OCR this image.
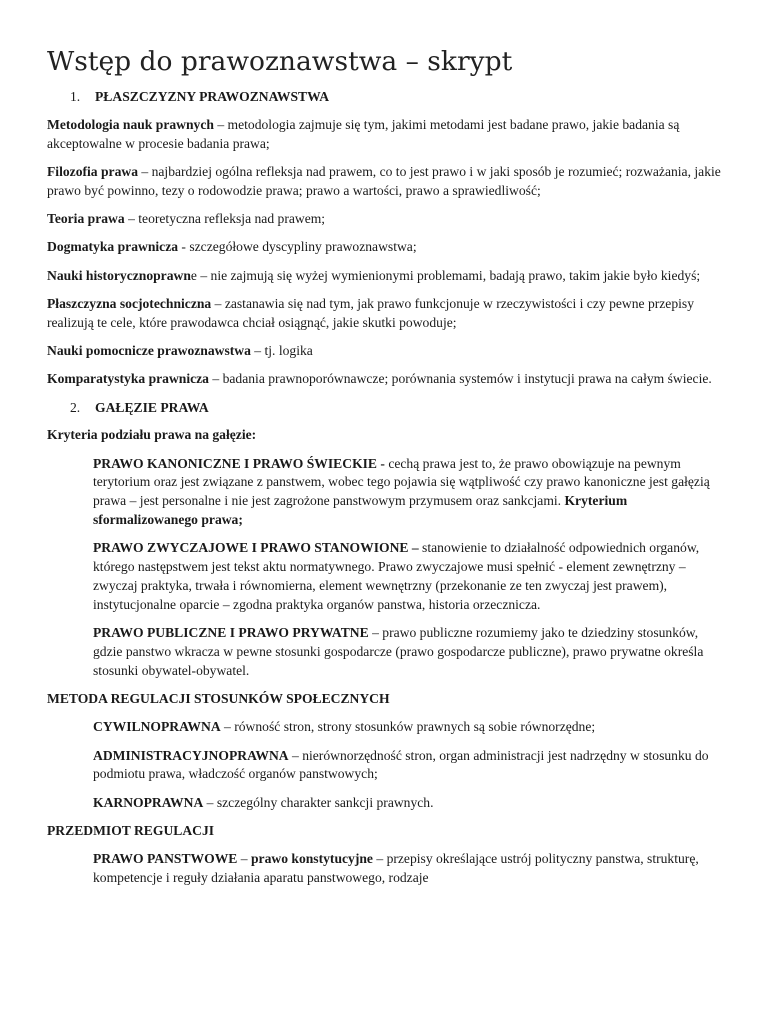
Wstęp do prawoznawstwa – skrypt
1. PŁASZCZYZNY PRAWOZNAWSTWA

Metodologia nauk prawnych – metodologia zajmuje się tym, jakimi metodami jest badane prawo, jakie badania są akceptowalne w procesie badania prawa;

Filozofia prawa – najbardziej ogólna refleksja nad prawem, co to jest prawo i w jaki sposób je rozumieć; rozważania, jakie prawo być powinno, tezy o rodowodzie prawa; prawo a wartości, prawo a sprawiedliwość;

Teoria prawa – teoretyczna refleksja nad prawem;

Dogmatyka prawnicza - szczegółowe dyscypliny prawoznawstwa;

Nauki historycznoprawne – nie zajmują się wyżej wymienionymi problemami, badają prawo, takim jakie było kiedyś;

Płaszczyzna socjotechniczna – zastanawia się nad tym, jak prawo funkcjonuje w rzeczywistości i czy pewne przepisy realizują te cele, które prawodawca chciał osiągnąć, jakie skutki powoduje;

Nauki pomocnicze prawoznawstwa – tj. logika

Komparatystyka prawnicza – badania prawnoporównawcze; porównania systemów i instytucji prawa na całym świecie.

2. GAŁĘZIE PRAWA

Kryteria podziału prawa na gałęzie:

PRAWO KANONICZNE I PRAWO ŚWIECKIE - cechą prawa jest to, że prawo obowiązuje na pewnym terytorium oraz jest związane z panstwem, wobec tego pojawia się wątpliwość czy prawo kanoniczne jest gałęzią prawa – jest personalne i nie jest zagrożone panstwowym przymusem oraz sankcjami. Kryterium sformalizowanego prawa;

PRAWO ZWYCZAJOWE I PRAWO STANOWIONE – stanowienie to działalność odpowiednich organów, którego następstwem jest tekst aktu normatywnego. Prawo zwyczajowe musi spełnić - element zewnętrzny – zwyczaj praktyka, trwała i równomierna, element wewnętrzny (przekonanie ze ten zwyczaj jest prawem), instytucjonalne oparcie – zgodna praktyka organów panstwa, historia orzecznicza.

PRAWO PUBLICZNE I PRAWO PRYWATNE – prawo publiczne rozumiemy jako te dziedziny stosunków, gdzie panstwo wkracza w pewne stosunki gospodarcze (prawo gospodarcze publiczne), prawo prywatne określa stosunki obywatel-obywatel.

METODA REGULACJI STOSUNKÓW SPOŁECZNYCH

CYWILNOPRAWNA – równość stron, strony stosunków prawnych są sobie równorzędne;

ADMINISTRACYJNOPRAWNA – nierównorzędność stron, organ administracji jest nadrzędny w stosunku do podmiotu prawa, władczość organów panstwowych;

KARNOPRAWNA – szczególny charakter sankcji prawnych.

PRZEDMIOT REGULACJI

PRAWO PANSTWOWE – prawo konstytucyjne – przepisy określające ustrój polityczny panstwa, strukturę, kompetencje i reguły działania aparatu panstwowego, rodzaje
